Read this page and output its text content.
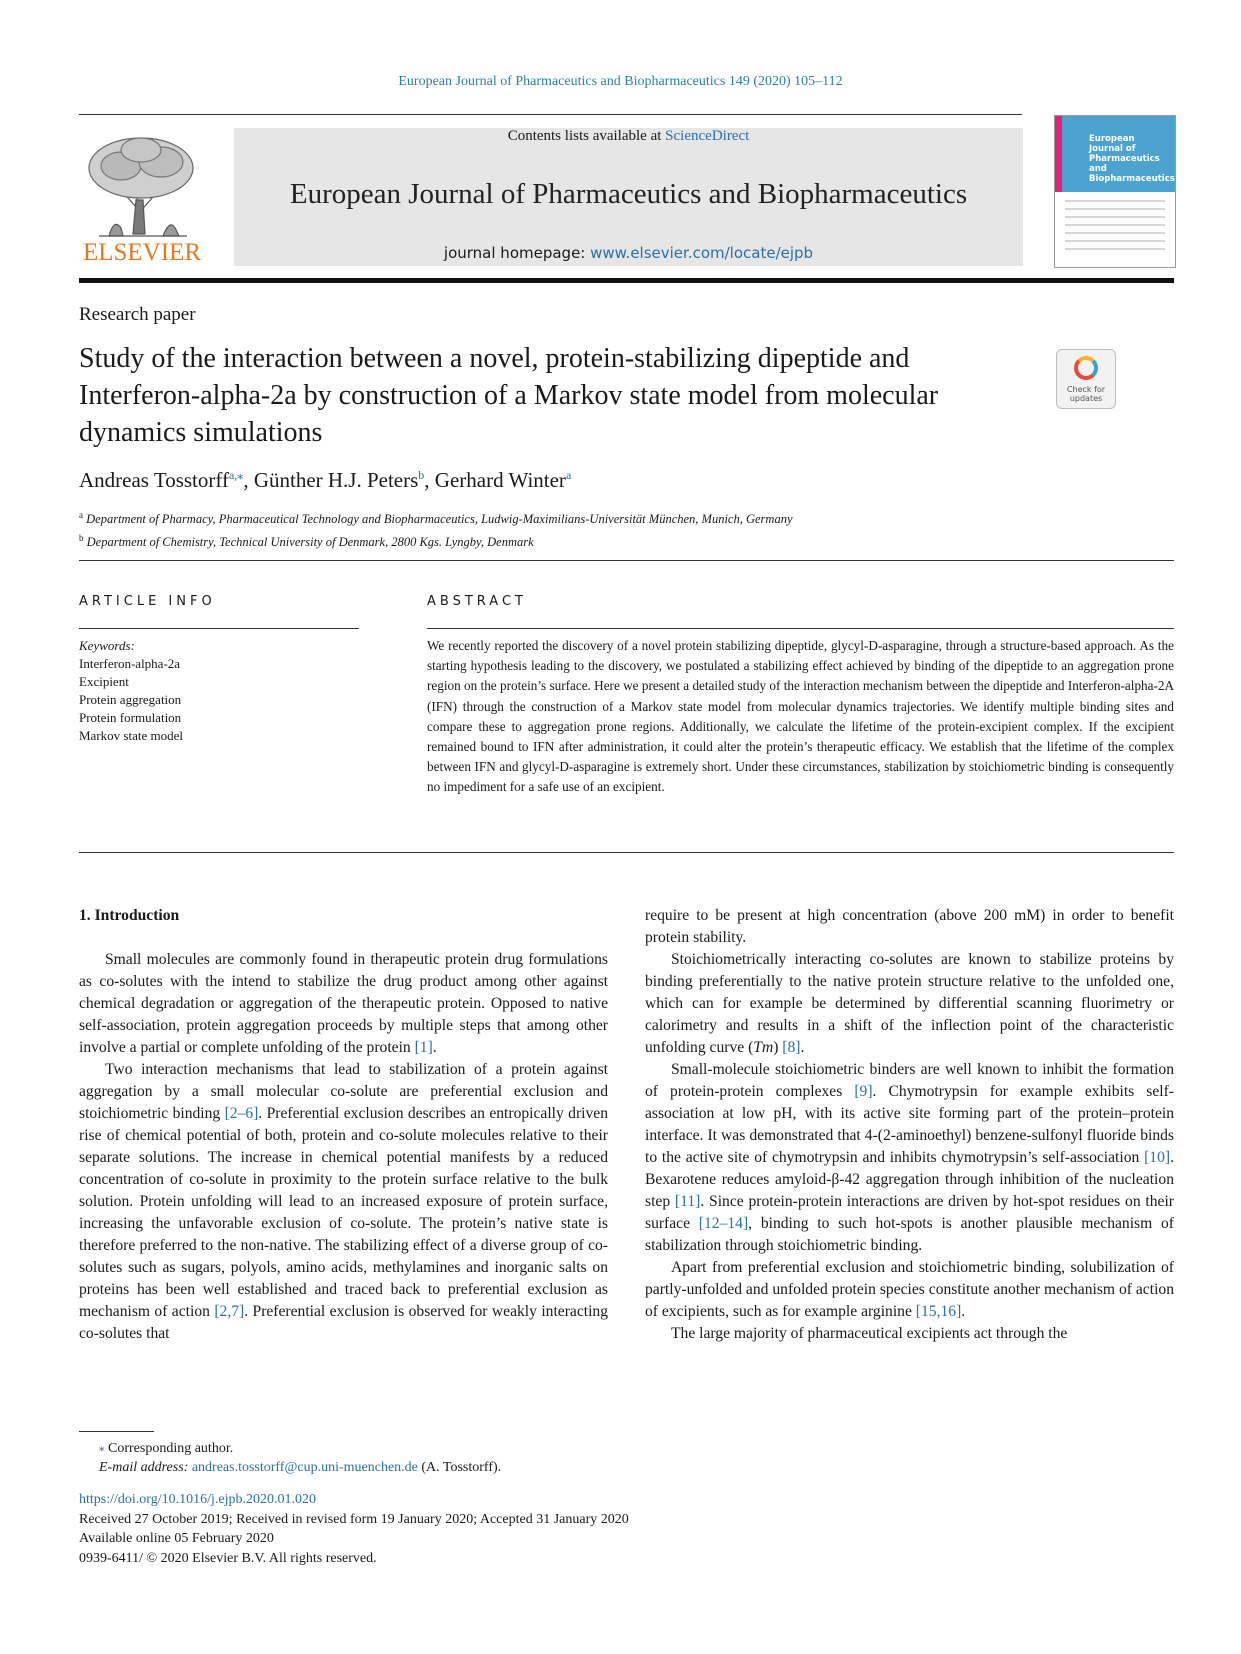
European Journal of Pharmaceutics and Biopharmaceutics 149 (2020) 105–112
ELSEVIER
Contents lists available at ScienceDirect
European Journal of Pharmaceutics and Biopharmaceutics
journal homepage: www.elsevier.com/locate/ejpb
European
Journal of
Pharmaceutics and
Biopharmaceutics
Research paper
Study of the interaction between a novel, protein-stabilizing dipeptide and Interferon-alpha-2a by construction of a Markov state model from molecular dynamics simulations
Check for updates
Andreas Tosstorff$^{a,⁎}$, Günther H.J. Peters$^b$, Gerhard Winter$^a$
$^a$ Department of Pharmacy, Pharmaceutical Technology and Biopharmaceutics, Ludwig-Maximilians-Universität München, Munich, Germany
$^b$ Department of Chemistry, Technical University of Denmark, 2800 Kgs. Lyngby, Denmark
ARTICLE INFO	ABSTRACT
Keywords:
Interferon-alpha-2a
Excipient
Protein aggregation
Protein formulation
Markov state model
We recently reported the discovery of a novel protein stabilizing dipeptide, glycyl-D-asparagine, through a structure-based approach. As the starting hypothesis leading to the discovery, we postulated a stabilizing effect achieved by binding of the dipeptide to an aggregation prone region on the protein’s surface. Here we present a detailed study of the interaction mechanism between the dipeptide and Interferon-alpha-2A (IFN) through the construction of a Markov state model from molecular dynamics trajectories. We identify multiple binding sites and compare these to aggregation prone regions. Additionally, we calculate the lifetime of the protein-excipient complex. If the excipient remained bound to IFN after administration, it could alter the protein’s therapeutic efficacy. We establish that the lifetime of the complex between IFN and glycyl-D-asparagine is extremely short. Under these circumstances, stabilization by stoichiometric binding is consequently no impediment for a safe use of an excipient.
1. Introduction

Small molecules are commonly found in therapeutic protein drug formulations as co-solutes with the intend to stabilize the drug product among other against chemical degradation or aggregation of the therapeutic protein. Opposed to native self-association, protein aggregation proceeds by multiple steps that among other involve a partial or complete unfolding of the protein [1].

Two interaction mechanisms that lead to stabilization of a protein against aggregation by a small molecular co-solute are preferential exclusion and stoichiometric binding [2–6]. Preferential exclusion describes an entropically driven rise of chemical potential of both, protein and co-solute molecules relative to their separate solutions. The increase in chemical potential manifests by a reduced concentration of co-solute in proximity to the protein surface relative to the bulk solution. Protein unfolding will lead to an increased exposure of protein surface, increasing the unfavorable exclusion of co-solute. The protein’s native state is therefore preferred to the non-native. The stabilizing effect of a diverse group of co-solutes such as sugars, polyols, amino acids, methylamines and inorganic salts on proteins has been well established and traced back to preferential exclusion as mechanism of action [2,7]. Preferential exclusion is observed for weakly interacting co-solutes that

require to be present at high concentration (above 200 mM) in order to benefit protein stability.

Stoichiometrically interacting co-solutes are known to stabilize proteins by binding preferentially to the native protein structure relative to the unfolded one, which can for example be determined by differential scanning fluorimetry or calorimetry and results in a shift of the inflection point of the characteristic unfolding curve (Tm) [8].

Small-molecule stoichiometric binders are well known to inhibit the formation of protein-protein complexes [9]. Chymotrypsin for example exhibits self-association at low pH, with its active site forming part of the protein–protein interface. It was demonstrated that 4-(2-aminoethyl) benzene-sulfonyl fluoride binds to the active site of chymotrypsin and inhibits chymotrypsin’s self-association [10]. Bexarotene reduces amyloid-β-42 aggregation through inhibition of the nucleation step [11]. Since protein-protein interactions are driven by hot-spot residues on their surface [12–14], binding to such hot-spots is another plausible mechanism of stabilization through stoichiometric binding.

Apart from preferential exclusion and stoichiometric binding, solubilization of partly-unfolded and unfolded protein species constitute another mechanism of action of excipients, such as for example arginine [15,16].

The large majority of pharmaceutical excipients act through the

⁎ Corresponding author.
E-mail address: andreas.tosstorff@cup.uni-muenchen.de (A. Tosstorff).
https://doi.org/10.1016/j.ejpb.2020.01.020
Received 27 October 2019; Received in revised form 19 January 2020; Accepted 31 January 2020
Available online 05 February 2020
0939-6411/ © 2020 Elsevier B.V. All rights reserved.
